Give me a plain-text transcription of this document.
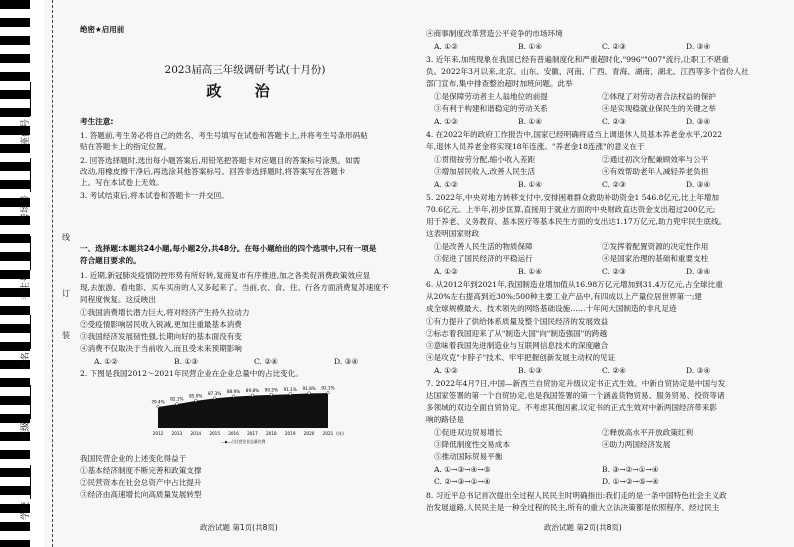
座位号
考场号
考生号
姓名
班级
学校
线
订
装
绝密★启用前
2023届高三年级调研考试(十月份)
政 治
考生注意:
1. 答题前,考生务必将自己的姓名、考生号填写在试卷和答题卡上,并将考生号条形码粘
贴在答题卡上的指定位置。
2. 回答选择题时,选出每小题答案后,用铅笔把答题卡对应题目的答案标号涂黑。如需
改动,用橡皮擦干净后,再选涂其他答案标号。回答非选择题时,将答案写在答题卡
上。写在本试卷上无效。
3. 考试结束后,将本试卷和答题卡一并交回。
一、选择题:本题共24小题,每小题2分,共48分。在每小题给出的四个选项中,只有一项是
符合题目要求的。
1. 近期,新冠肺炎疫情防控形势有所好转,复商复市有序推进,加之各类促消费政策效应显
现,去旅游、看电影、买车买房的人又多起来了。当前,衣、食、住、行各方面消费复苏速度不
同程度恢复。这反映出
①我国消费增长潜力巨大,将对经济产生持久拉动力
②受疫情影响居民收入锐减,更加注重最基本消费
③我国经济发展韧性强,长期向好的基本面没有变
④消费不仅取决于当前收入,而且受未来预期影响
A. ①②	B. ①③	C. ②④	D. ③④
2. 下图是我国2012～2021年民营企业在企业总量中的占比变化。
79.4%
2012
82.1%
2013
85.0%
2014
87.3%
2015
88.9%
2016
89.8%
2017
90.5%
2018
91.1%
2019
91.8%
2020
92.1%
2021 (年)
—◆—占民营企业总量比例
我国民营企业的上述变化得益于
①基本经济制度不断完善和政策支撑
②民营资本在社会总资产中占比提升
③经济由高速增长向高质量发展转型
政治试题 第1页(共8页)
④商事制度改革营造公平竞争的市场环境
A. ①②	B. ①④	C. ②③	D. ③④
3. 近年来,加班现象在我国已经有普遍制度化和严重超时化,"996""007"流行,让职工不堪重
负。2022年3月以来,北京、山东、安徽、河南、广西、青海、湖南、湖北、江西等多个省份人社
部门宣布,集中排查整治超时加班问题。此举
①是保障劳动者主人翁地位的前提	②体现了对劳动者合法权益的保护
③有利于构建和谐稳定的劳动关系	④是实现稳就业保民生的关键之举
A. ①②	B. ①④	C. ②③	D. ③④
4. 在2022年的政府工作报告中,国家已经明确将适当上调退休人员基本养老金水平,2022
年,退休人员养老金将实现18年连涨。"养老金18连涨"的意义在于
①贯彻按劳分配,缩小收入差距	②通过初次分配兼顾效率与公平
③增加居民收入,改善人民生活	④有效帮助老年人减轻养老负担
A. ①②	B. ①④	C. ②③	D. ③④
5. 2022年,中央对地方转移支付中,安排困难群众救助补助资金1 546.8亿元,比上年增加
70.6亿元。上半年,初步匡算,直接用于就业方面的中央财政直达资金支出超过200亿元;
用于养老、义务教育、基本医疗等基本民生方面的支出达1.17万亿元,助力兜牢民生底线。
这表明国家财政
①是改善人民生活的物质保障	②发挥着配置资源的决定性作用
③促进了国民经济的平稳运行	④是国家治理的基础和重要支柱
A. ①②	B. ①④	C. ②③	D. ③④
6. 从2012年到2021年,我国制造业增加值从16.98万亿元增加到31.4万亿元,占全球比重
从20%左右提高到近30%;500种主要工业产品中,有四成以上产量位居世界第一;建
成全球规模最大、技术领先的网络基础设施……十年间大国制造的非凡足迹
①有力提升了供给体系质量及整个国民经济的发展效益
②标志着我国迎来了从"制造大国"向"制造强国"的跨越
③意味着我国先进制造业与互联网信息技术的深度融合
④是攻克"卡脖子"技术、牢牢把握创新发展主动权的见证
A. ①②	B. ①③	C. ②④	D. ③④
7. 2022年4月7日,中国—新西兰自贸协定升级议定书正式生效。中新自贸协定是中国与发
达国家签署的第一个自贸协定,也是我国签署的第一个涵盖货物贸易、服务贸易、投资等诸
多领域的双边全面自贸协定。不考虑其他因素,议定书的正式生效对中新两国经济带来影
响的路径是
①促进双边贸易增长	②释放高水平开放政策红利
③降低制度性交易成本	④助力两国经济发展
⑤推动国际贸易平衡
A. ①→③→④→⑤	B. ③→②→①→④
C. ②→③→①→④	D. ①→②→⑤→④
8. 习近平总书记首次提出全过程人民民主时明确指出:我们走的是一条中国特色社会主义政
治发展道路,人民民主是一种全过程的民主,所有的重大立法决策都是依照程序、经过民主
政治试题 第2页(共8页)
